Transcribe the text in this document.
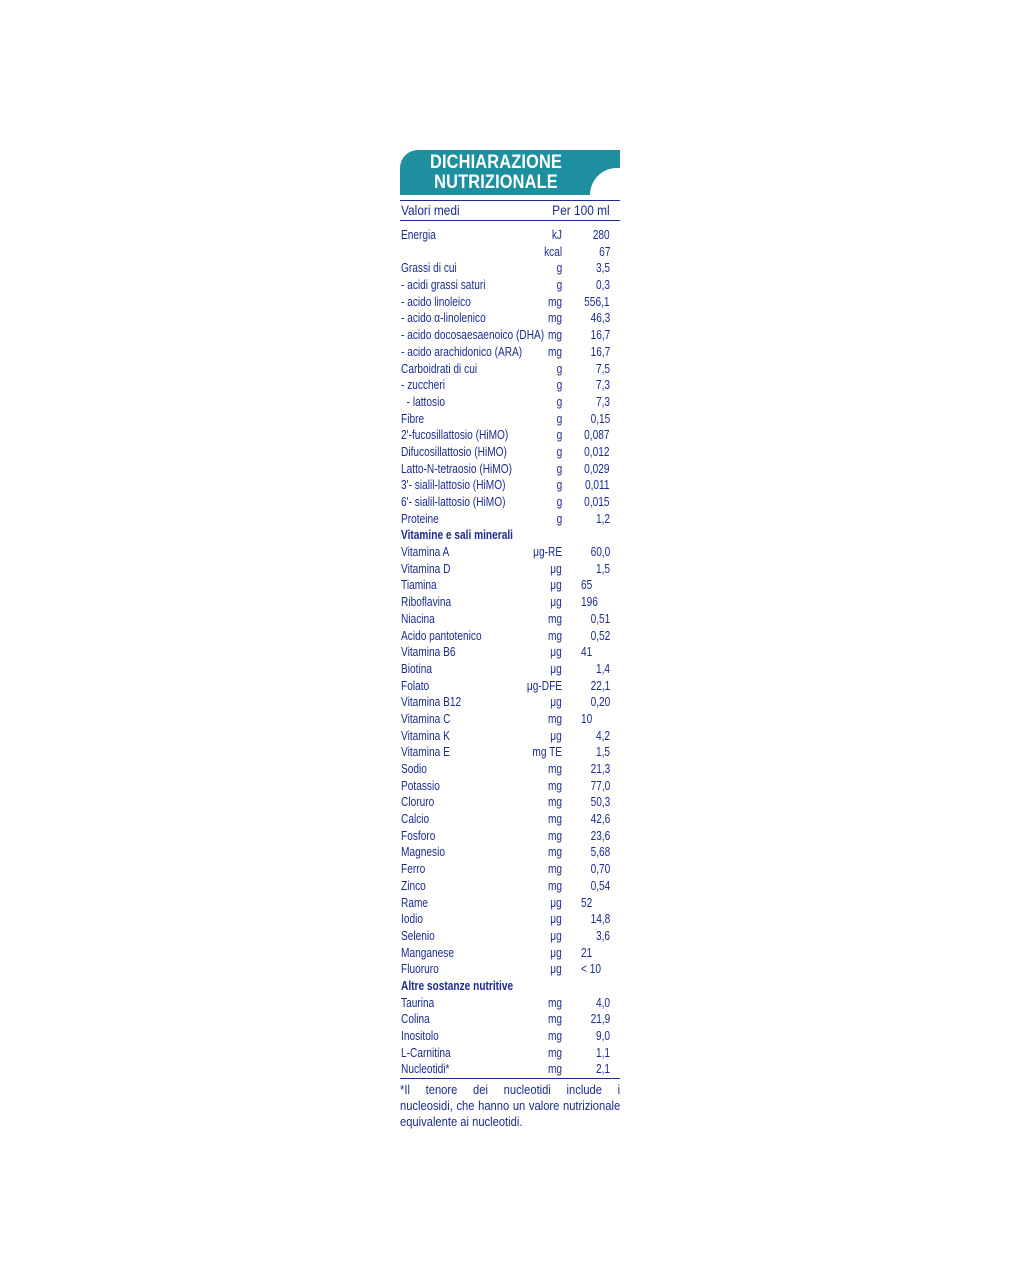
DICHIARAZIONE
NUTRIZIONALE
Valori medi	Per 100 ml
Energia	kJ 280
kcal	67
Grassi di cui	g	3,5
- acidi grassi saturi	g	0,3
- acido linoleico	mg 556,1
- acido α-linolenico	mg 46,3
- acido docosaesaenoico (DHA) mg 16,7
- acido arachidonico (ARA) mg 16,7
Carboidrati di cui	g	7,5
- zuccheri	g	7,3
- lattosio	g	7,3
Fibre	g 0,15
2'-fucosillattosio (HiMO)	g 0,087
Difucosillattosio (HiMO)	g 0,012
Latto-N-tetraosio (HiMO)	g 0,029
3'- sialil-lattosio (HiMO)	g 0,011
6'- sialil-lattosio (HiMO)	g 0,015
Proteine	g	1,2
Vitamine e sali minerali
Vitamina A	μg-RE 60,0
Vitamina D	μg	1,5
Tiamina	μg 65
Riboflavina	μg 196
Niacina	mg 0,51
Acido pantotenico	mg 0,52
Vitamina B6	μg 41
Biotina	μg	1,4
Folato	μg-DFE 22,1
Vitamina B12	μg 0,20
Vitamina C	mg 10
Vitamina K	μg	4,2
Vitamina E	mg TE	1,5
Sodio	mg 21,3
Potassio	mg 77,0
Cloruro	mg 50,3
Calcio	mg 42,6
Fosforo	mg 23,6
Magnesio	mg 5,68
Ferro	mg 0,70
Zinco	mg 0,54
Rame	μg 52
Iodio	μg 14,8
Selenio	μg	3,6
Manganese	μg 21
Fluoruro	μg < 10
Altre sostanze nutritive
Taurina	mg	4,0
Colina	mg 21,9
Inositolo	mg	9,0
L-Carnitina	mg	1,1
Nucleotidi*	mg	2,1
*Il tenore dei nucleotidi include i
nucleosidi, che hanno un valore nutrizionale
equivalente ai nucleotidi.
